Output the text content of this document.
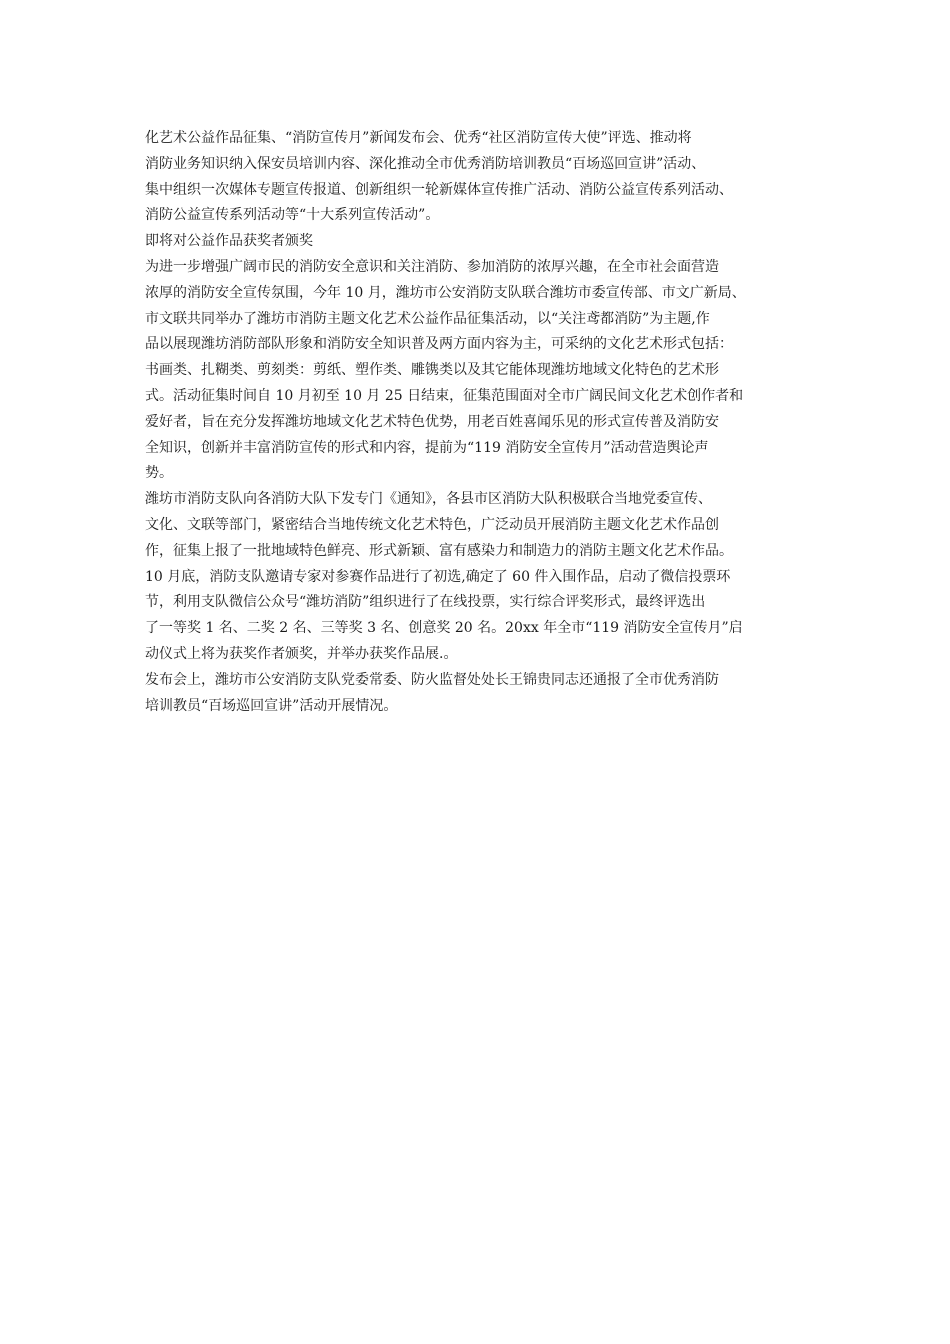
化艺术公益作品征集、“消防宣传月”新闻发布会、优秀“社区消防宣传大使”评选、推动将
消防业务知识纳入保安员培训内容、深化推动全市优秀消防培训教员“百场巡回宣讲”活动、
集中组织一次媒体专题宣传报道、创新组织一轮新媒体宣传推广活动、消防公益宣传系列活动、
消防公益宣传系列活动等“十大系列宣传活动”。
即将对公益作品获奖者颁奖
为进一步增强广阔市民的消防安全意识和关注消防、参加消防的浓厚兴趣，在全市社会面营造
浓厚的消防安全宣传氛围，今年 10 月，潍坊市公安消防支队联合潍坊市委宣传部、市文广新局、
市文联共同举办了潍坊市消防主题文化艺术公益作品征集活动，以“关注鸢都消防”为主题,作
品以展现潍坊消防部队形象和消防安全知识普及两方面内容为主，可采纳的文化艺术形式包括：
书画类、扎糊类、剪刻类：剪纸、塑作类、雕镌类以及其它能体现潍坊地域文化特色的艺术形
式。活动征集时间自 10 月初至 10 月 25 日结束，征集范围面对全市广阔民间文化艺术创作者和
爱好者，旨在充分发挥潍坊地域文化艺术特色优势，用老百姓喜闻乐见的形式宣传普及消防安
全知识，创新并丰富消防宣传的形式和内容，提前为“119 消防安全宣传月”活动营造舆论声
势。
潍坊市消防支队向各消防大队下发专门《通知》，各县市区消防大队积极联合当地党委宣传、
文化、文联等部门，紧密结合当地传统文化艺术特色，广泛动员开展消防主题文化艺术作品创
作，征集上报了一批地域特色鲜亮、形式新颖、富有感染力和制造力的消防主题文化艺术作品。
10 月底，消防支队邀请专家对参赛作品进行了初选,确定了 60 件入围作品，启动了微信投票环
节，利用支队微信公众号“潍坊消防”组织进行了在线投票，实行综合评奖形式，最终评选出
了一等奖 1 名、二奖 2 名、三等奖 3 名、创意奖 20 名。20xx 年全市“119 消防安全宣传月”启
动仪式上将为获奖作者颁奖，并举办获奖作品展.。
发布会上，潍坊市公安消防支队党委常委、防火监督处处长王锦贵同志还通报了全市优秀消防
培训教员“百场巡回宣讲”活动开展情况。
